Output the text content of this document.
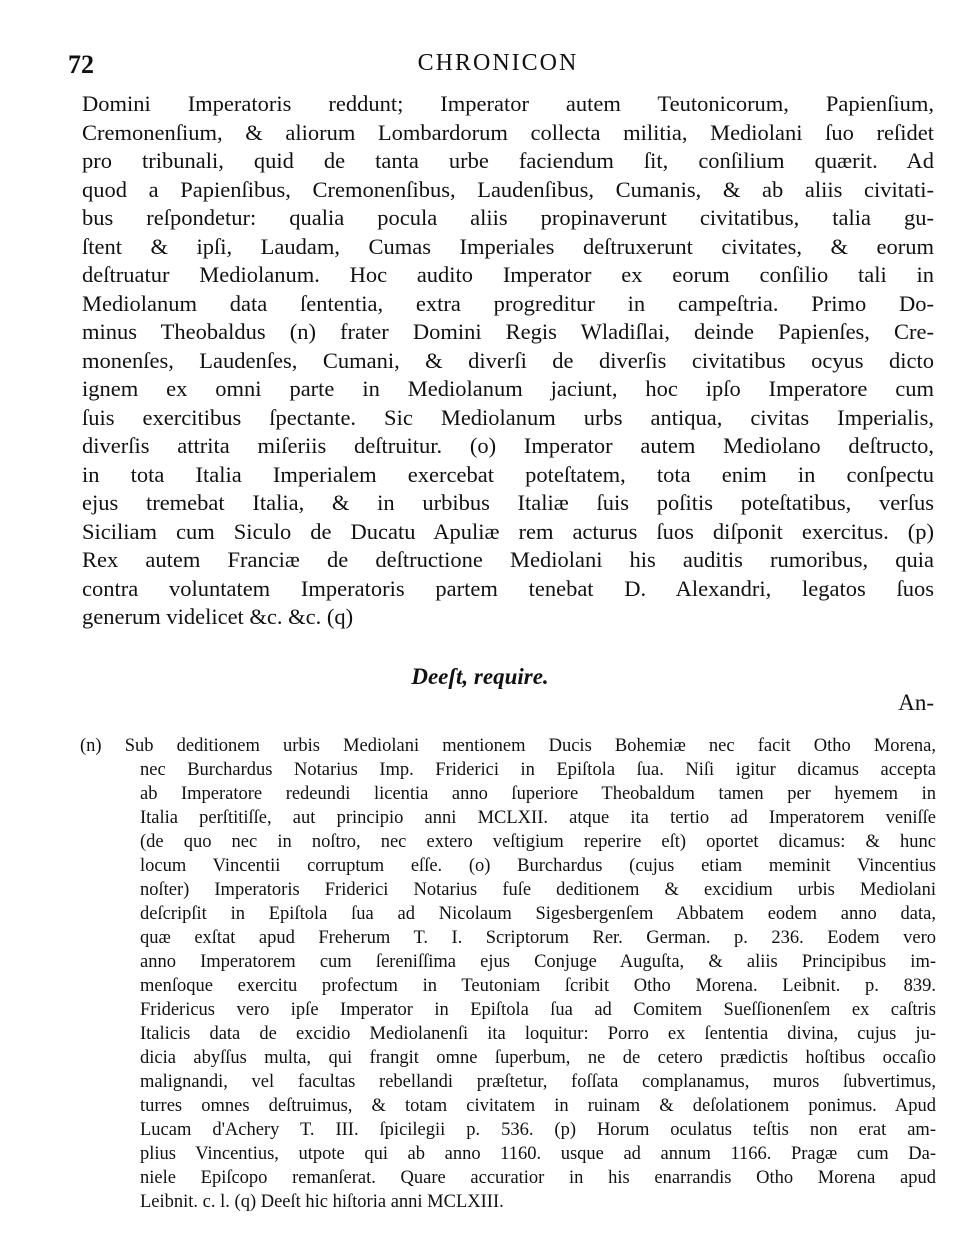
72	CHRONICON
Domini Imperatoris reddunt; Imperator autem Teutonicorum, Papienſium,
Cremonenſium, & aliorum Lombardorum collecta militia, Mediolani ſuo reſidet
pro tribunali, quid de tanta urbe faciendum ſit, conſilium quærit. Ad
quod a Papienſibus, Cremonenſibus, Laudenſibus, Cumanis, & ab aliis civitati-
bus reſpondetur: qualia pocula aliis propinaverunt civitatibus, talia gu-
ſtent & ipſi, Laudam, Cumas Imperiales deſtruxerunt civitates, & eorum
deſtruatur Mediolanum. Hoc audito Imperator ex eorum conſilio tali in
Mediolanum data ſententia, extra progreditur in campeſtria. Primo Do-
minus Theobaldus (n) frater Domini Regis Wladiſlai, deinde Papienſes, Cre-
monenſes, Laudenſes, Cumani, & diverſi de diverſis civitatibus ocyus dicto
ignem ex omni parte in Mediolanum jaciunt, hoc ipſo Imperatore cum
ſuis exercitibus ſpectante. Sic Mediolanum urbs antiqua, civitas Imperialis,
diverſis attrita miſeriis deſtruitur. (o) Imperator autem Mediolano deſtructo,
in tota Italia Imperialem exercebat poteſtatem, tota enim in conſpectu
ejus tremebat Italia, & in urbibus Italiæ ſuis poſitis poteſtatibus, verſus
Siciliam cum Siculo de Ducatu Apuliæ rem acturus ſuos diſponit exercitus. (p)
Rex autem Franciæ de deſtructione Mediolani his auditis rumoribus, quia
contra voluntatem Imperatoris partem tenebat D. Alexandri, legatos ſuos
generum videlicet &c. &c. (q)
Deeſt, require.
An-
(n) Sub deditionem urbis Mediolani mentionem Ducis Bohemiæ nec facit Otho Morena,
nec Burchardus Notarius Imp. Friderici in Epiſtola ſua. Niſi igitur dicamus accepta
ab Imperatore redeundi licentia anno ſuperiore Theobaldum tamen per hyemem in
Italia perſtitiſſe, aut principio anni MCLXII. atque ita tertio ad Imperatorem veniſſe
(de quo nec in noſtro, nec extero veſtigium reperire eſt) oportet dicamus: & hunc
locum Vincentii corruptum eſſe. (o) Burchardus (cujus etiam meminit Vincentius
noſter) Imperatoris Friderici Notarius fuſe deditionem & excidium urbis Mediolani
deſcripſit in Epiſtola ſua ad Nicolaum Sigesbergenſem Abbatem eodem anno data,
quæ exſtat apud Freherum T. I. Scriptorum Rer. German. p. 236. Eodem vero
anno Imperatorem cum ſereniſſima ejus Conjuge Auguſta, & aliis Principibus im-
menſoque exercitu profectum in Teutoniam ſcribit Otho Morena. Leibnit. p. 839.
Fridericus vero ipſe Imperator in Epiſtola ſua ad Comitem Sueſſionenſem ex caſtris
Italicis data de excidio Mediolanenſi ita loquitur: Porro ex ſententia divina, cujus ju-
dicia abyſſus multa, qui frangit omne ſuperbum, ne de cetero prædictis hoſtibus occaſio
malignandi, vel facultas rebellandi præſtetur, foſſata complanamus, muros ſubvertimus,
turres omnes deſtruimus, & totam civitatem in ruinam & deſolationem ponimus. Apud
Lucam d'Achery T. III. ſpicilegii p. 536. (p) Horum oculatus teſtis non erat am-
plius Vincentius, utpote qui ab anno 1160. usque ad annum 1166. Pragæ cum Da-
niele Epiſcopo remanſerat. Quare accuratior in his enarrandis Otho Morena apud
Leibnit. c. l. (q) Deeſt hic hiſtoria anni MCLXIII.
